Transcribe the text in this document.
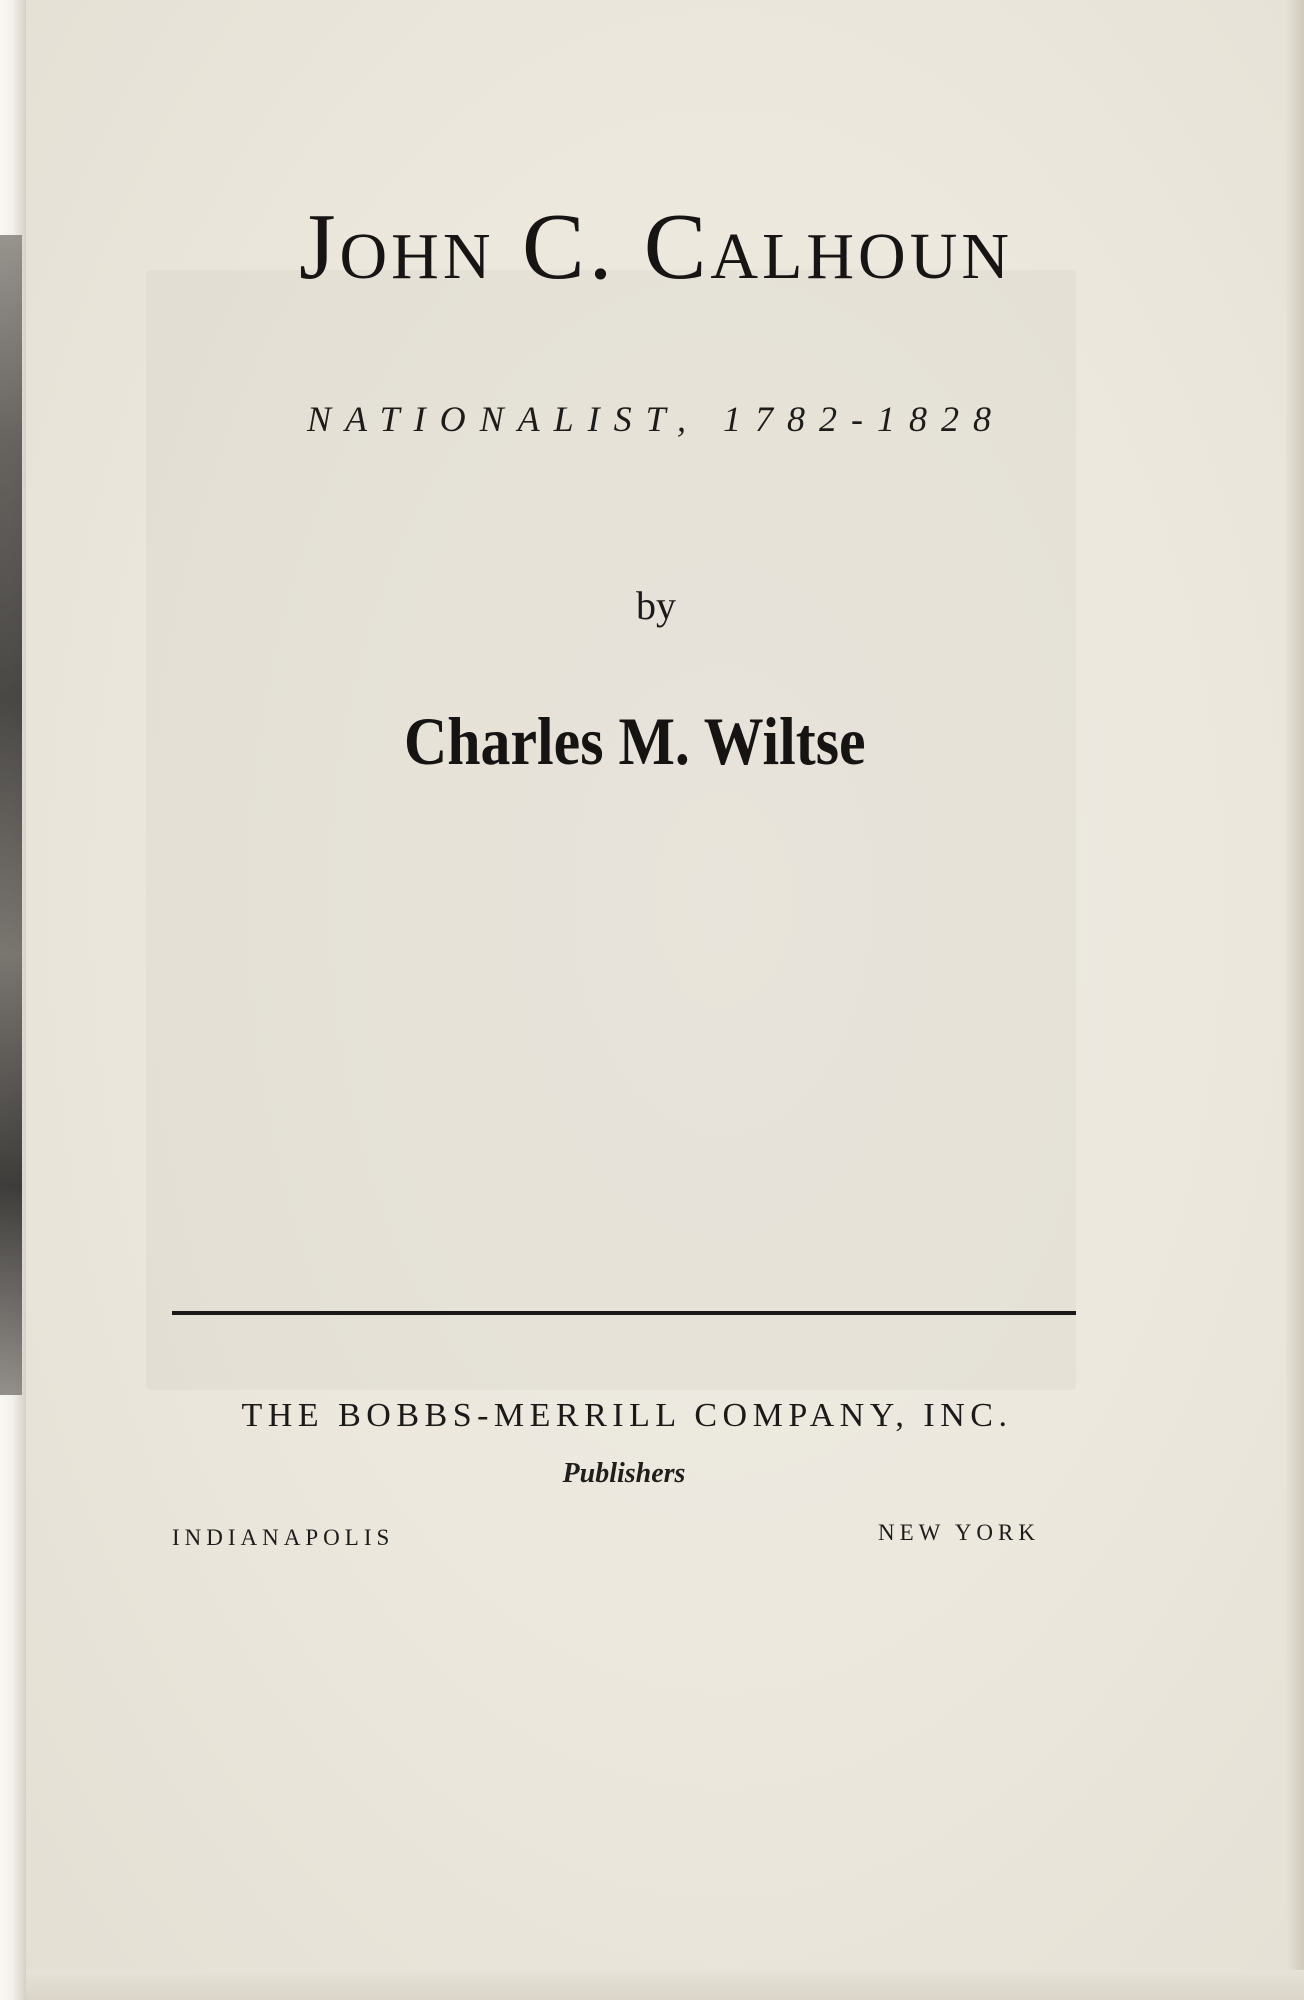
John C. Calhoun
NATIONALIST, 1782-1828
by
Charles M. Wiltse
THE BOBBS-MERRILL COMPANY, INC.
Publishers
INDIANAPOLIS	NEW YORK
